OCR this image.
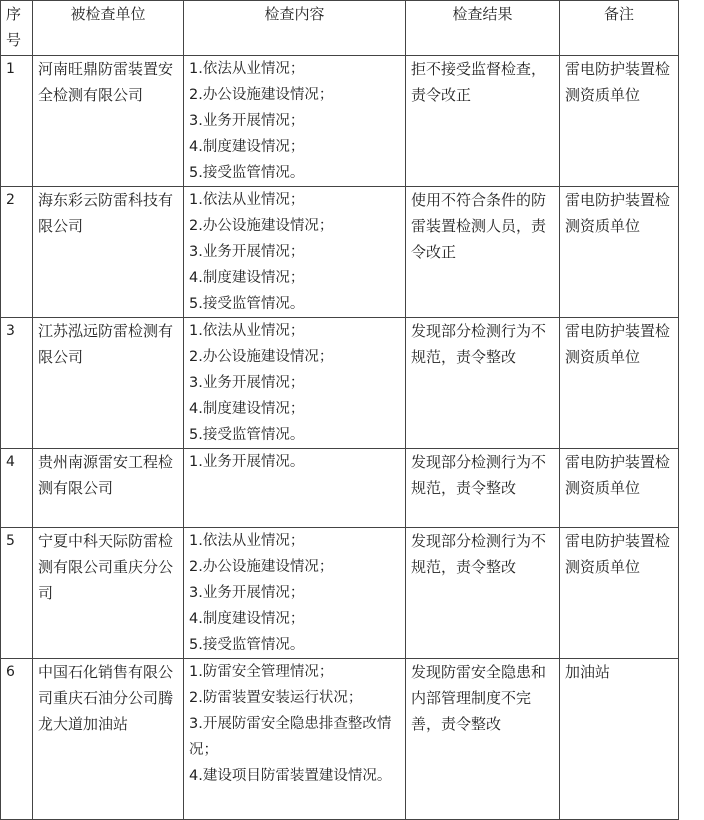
序号	被检查单位	检查内容	检查结果	备注
1	河南旺鼎防雷装置安全检测有限公司	1.依法从业情况；
2.办公设施建设情况；
3.业务开展情况；
4.制度建设情况；
5.接受监管情况。	拒不接受监督检查，责令改正	雷电防护装置检测资质单位
2	海东彩云防雷科技有限公司	1.依法从业情况；
2.办公设施建设情况；
3.业务开展情况；
4.制度建设情况；
5.接受监管情况。	使用不符合条件的防雷装置检测人员，责令改正	雷电防护装置检测资质单位
3	江苏泓远防雷检测有限公司	1.依法从业情况；
2.办公设施建设情况；
3.业务开展情况；
4.制度建设情况；
5.接受监管情况。	发现部分检测行为不规范，责令整改	雷电防护装置检测资质单位
4	贵州南源雷安工程检测有限公司	1.业务开展情况。	发现部分检测行为不规范，责令整改	雷电防护装置检测资质单位
5	宁夏中科天际防雷检测有限公司重庆分公司	1.依法从业情况；
2.办公设施建设情况；
3.业务开展情况；
4.制度建设情况；
5.接受监管情况。	发现部分检测行为不规范，责令整改	雷电防护装置检测资质单位
6	中国石化销售有限公司重庆石油分公司腾龙大道加油站	1.防雷安全管理情况；
2.防雷装置安装运行状况；
3.开展防雷安全隐患排查整改情况；
4.建设项目防雷装置建设情况。	发现防雷安全隐患和内部管理制度不完善，责令整改	加油站
